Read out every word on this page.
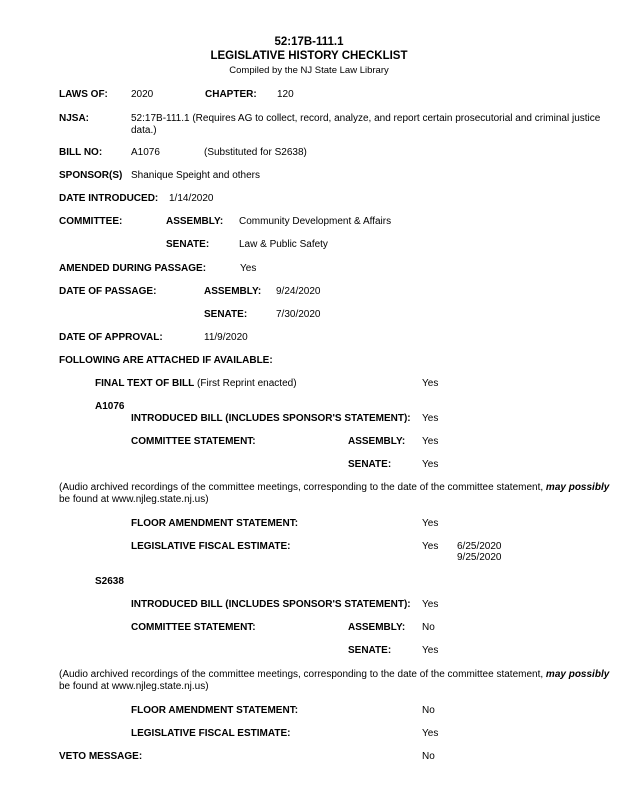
52:17B-111.1
LEGISLATIVE HISTORY CHECKLIST
Compiled by the NJ State Law Library
LAWS OF: 2020	CHAPTER: 120
NJSA:	52:17B-111.1 (Requires AG to collect, record, analyze, and report certain prosecutorial and criminal justice data.)
BILL NO:	A1076	(Substituted for S2638)
SPONSOR(S) Shanique Speight and others
DATE INTRODUCED: 1/14/2020
COMMITTEE:	ASSEMBLY: Community Development & Affairs
SENATE:	Law & Public Safety
AMENDED DURING PASSAGE:	Yes
DATE OF PASSAGE:	ASSEMBLY: 9/24/2020
SENATE:	7/30/2020
DATE OF APPROVAL:	11/9/2020
FOLLOWING ARE ATTACHED IF AVAILABLE:
FINAL TEXT OF BILL (First Reprint enacted)	Yes
A1076
INTRODUCED BILL (INCLUDES SPONSOR'S STATEMENT): Yes
COMMITTEE STATEMENT:	ASSEMBLY: Yes
SENATE:	Yes
(Audio archived recordings of the committee meetings, corresponding to the date of the committee statement, may possibly
be found at www.njleg.state.nj.us)
FLOOR AMENDMENT STATEMENT:	Yes
LEGISLATIVE FISCAL ESTIMATE:	Yes 6/25/2020
9/25/2020
S2638
INTRODUCED BILL (INCLUDES SPONSOR'S STATEMENT): Yes
COMMITTEE STATEMENT:	ASSEMBLY: No
SENATE:	Yes
(Audio archived recordings of the committee meetings, corresponding to the date of the committee statement, may possibly
be found at www.njleg.state.nj.us)
FLOOR AMENDMENT STATEMENT:	No
LEGISLATIVE FISCAL ESTIMATE:	Yes
VETO MESSAGE:	No
